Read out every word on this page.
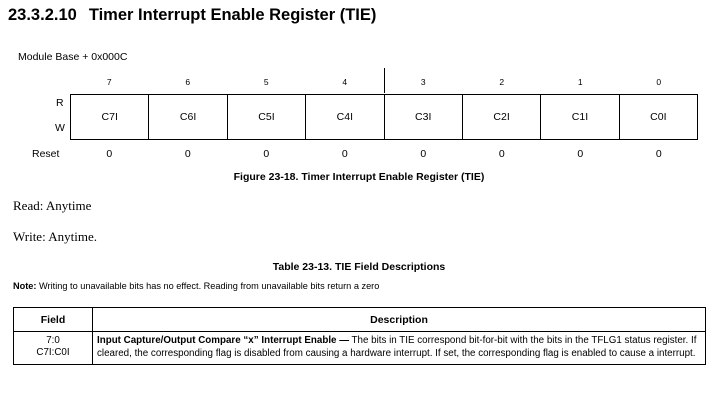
23.3.2.10 Timer Interrupt Enable Register (TIE)
Module Base + 0x000C
7	6	5	4	3	2	1	0
R
W
C7I	C6I	C5I	C4I	C3I	C2I	C1I	C0I
Reset	0	0	0	0	0	0	0	0
Figure 23-18. Timer Interrupt Enable Register (TIE)
Read: Anytime
Write: Anytime.
Table 23-13. TIE Field Descriptions
Note: Writing to unavailable bits has no effect. Reading from unavailable bits return a zero
Field	Description

7:0
C7I:C0I	Input Capture/Output Compare “x” Interrupt Enable — The bits in TIE correspond bit-for-bit with the bits in the TFLG1 status register. If cleared, the corresponding flag is disabled from causing a hardware interrupt. If set, the corresponding flag is enabled to cause a interrupt.
